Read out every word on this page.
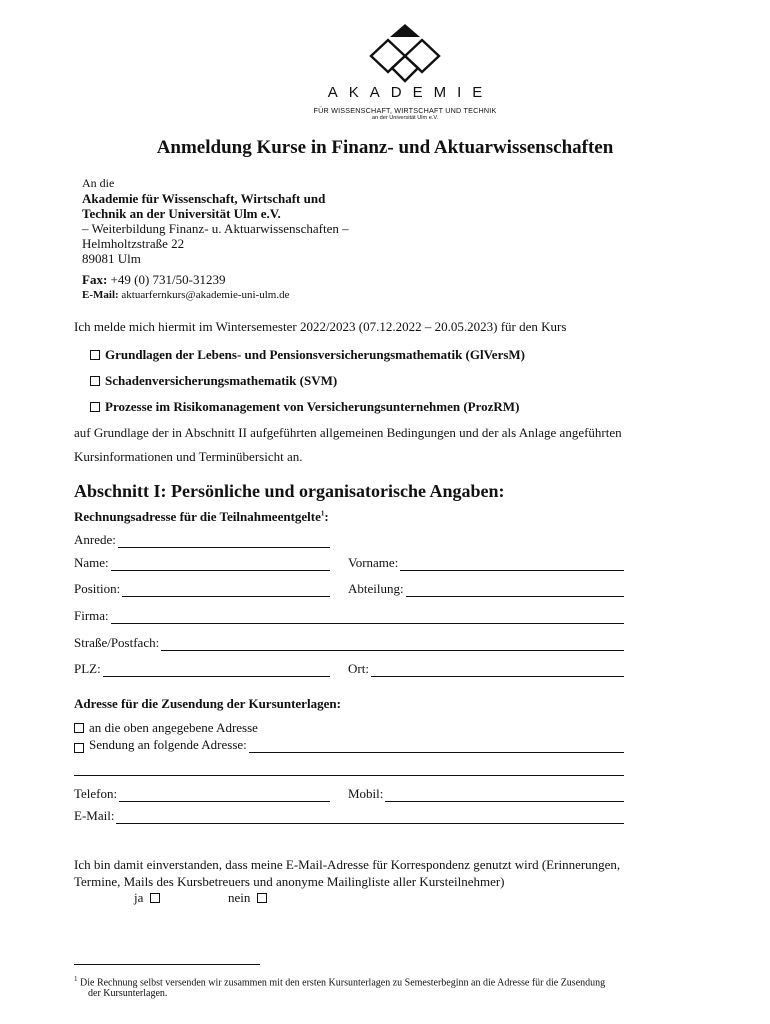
AKADEMIE
FÜR WISSENSCHAFT, WIRTSCHAFT UND TECHNIK
an der Universität Ulm e.V.
Anmeldung Kurse in Finanz- und Aktuarwissenschaften
An die
Akademie für Wissenschaft, Wirtschaft und
Technik an der Universität Ulm e.V.
– Weiterbildung Finanz- u. Aktuarwissenschaften –
Helmholtzstraße 22
89081 Ulm
Fax: +49 (0) 731/50-31239
E-Mail: aktuarfernkurs@akademie-uni-ulm.de
Ich melde mich hiermit im Wintersemester 2022/2023 (07.12.2022 – 20.05.2023) für den Kurs
Grundlagen der Lebens- und Pensionsversicherungsmathematik (GlVersM)
Schadenversicherungsmathematik (SVM)
Prozesse im Risikomanagement von Versicherungsunternehmen (ProzRM)
auf Grundlage der in Abschnitt II aufgeführten allgemeinen Bedingungen und der als Anlage angeführten
Kursinformationen und Terminübersicht an.
Abschnitt I: Persönliche und organisatorische Angaben:
Rechnungsadresse für die Teilnahmeentgelte$^1$:
Anrede:
Name:	Vorname:
Position:	Abteilung:
Firma:
Straße/Postfach:
PLZ:	Ort:
Adresse für die Zusendung der Kursunterlagen:
an die oben angegebene Adresse
Sendung an folgende Adresse:
Telefon:	Mobil:
E-Mail:
Ich bin damit einverstanden, dass meine E-Mail-Adresse für Korrespondenz genutzt wird (Erinnerungen,
Termine, Mails des Kursbetreuers und anonyme Mailingliste aller Kursteilnehmer)
ja	nein
$^1$ Die Rechnung selbst versenden wir zusammen mit den ersten Kursunterlagen zu Semesterbeginn an die Adresse für die Zusendung
der Kursunterlagen.
